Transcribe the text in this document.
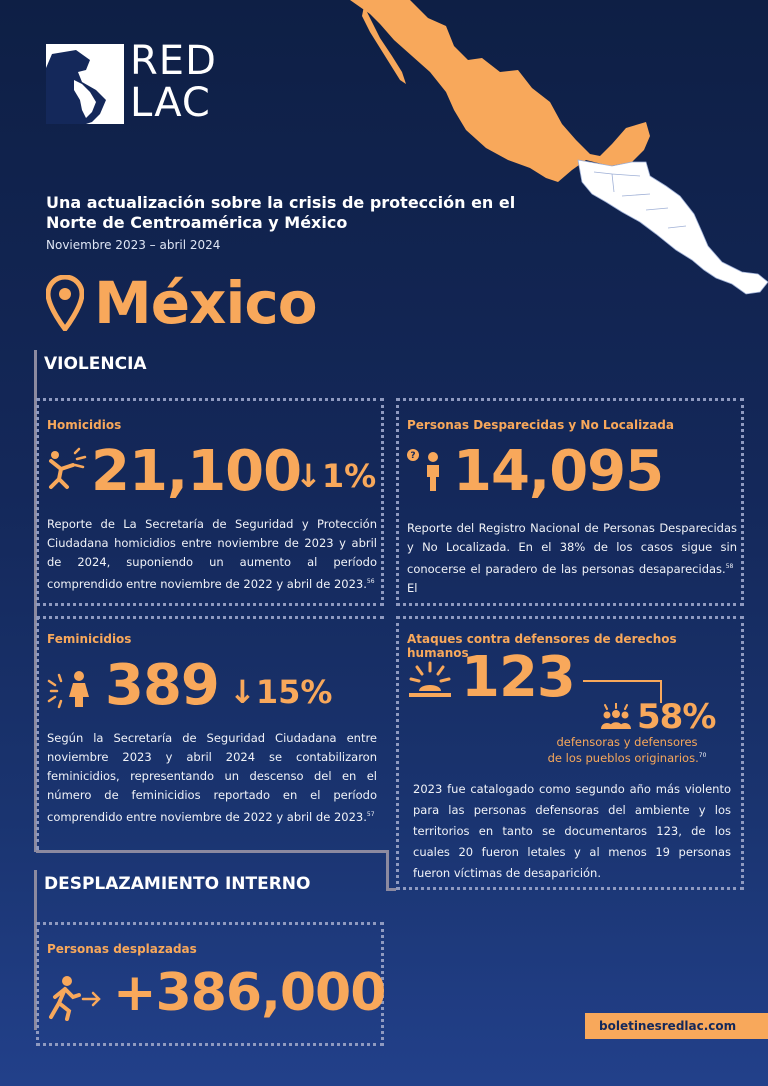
RED
LAC
Una actualización sobre la crisis de protección en el Norte de Centroamérica y México
Noviembre 2023 – abril 2024
México
VIOLENCIA
Homicidios
21,100
↓1%
Reporte de La Secretaría de Seguridad y Protección Ciudadana homicidios entre noviembre de 2023 y abril de 2024, suponiendo un aumento al período comprendido entre noviembre de 2022 y abril de 2023.56
Personas Desparecidas y No Localizada
? 14,095
Reporte del Registro Nacional de Personas Desparecidas y No Localizada. En el 38% de los casos sigue sin conocerse el paradero de las personas desaparecidas.$^{58}$  El
Feminicidios
389 ↓15%
Según la Secretaría de Seguridad Ciudadana entre noviembre 2023 y abril 2024 se contabilizaron feminicidios, representando un descenso del en el número de feminicidios reportado en el período comprendido entre noviembre de 2022 y abril de 2023.57
Ataques contra defensores de derechos humanos
123
58%
defensoras y defensores
de los pueblos originarios.$^{70}$
2023 fue catalogado como segundo año más violento para las personas defensoras del ambiente y los territorios en tanto se documentaros 123, de los cuales 20 fueron letales y al menos 19 personas fueron víctimas de desaparición.
DESPLAZAMIENTO INTERNO
Personas desplazadas
+386,000
boletinesredlac.com
